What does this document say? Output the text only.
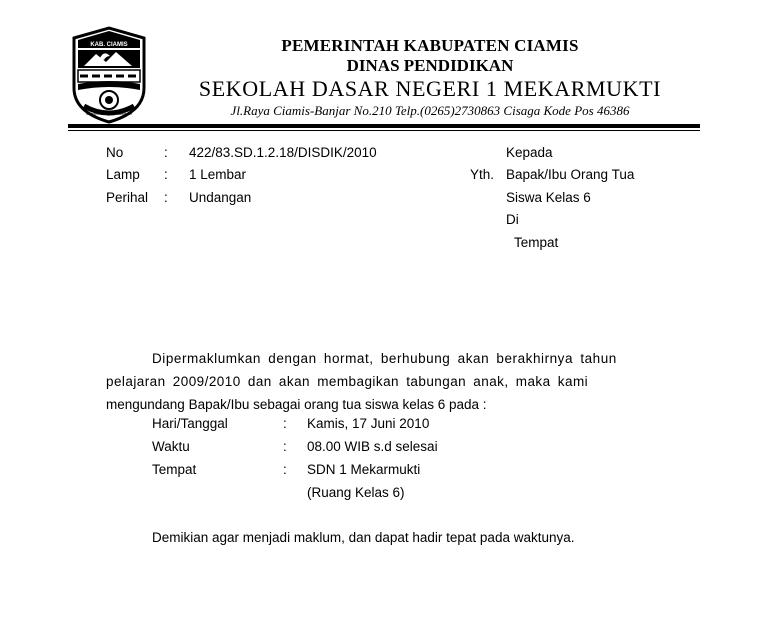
KAB. CIAMIS
Mahayunan Ayuna Kadatuan
PEMERINTAH KABUPATEN CIAMIS
DINAS PENDIDIKAN
SEKOLAH DASAR NEGERI 1 MEKARMUKTI
Jl.Raya Ciamis-Banjar No.210 Telp.(0265)2730863 Cisaga Kode Pos 46386
No	: 422/83.SD.1.2.18/DISDIK/2010
Lamp : 1 Lembar
Perihal : Undangan
Kepada
Yth. Bapak/Ibu Orang Tua
Siswa Kelas 6
Di
Tempat
Dipermaklumkan dengan hormat, berhubung akan berakhirnya tahun
pelajaran 2009/2010 dan akan membagikan tabungan anak, maka kami
mengundang Bapak/Ibu sebagai orang tua siswa kelas 6 pada :
Hari/Tanggal	: Kamis, 17 Juni 2010
Waktu	: 08.00 WIB s.d selesai
Tempat	: SDN 1 Mekarmukti
(Ruang Kelas 6)
Demikian agar menjadi maklum, dan dapat hadir tepat pada waktunya.
